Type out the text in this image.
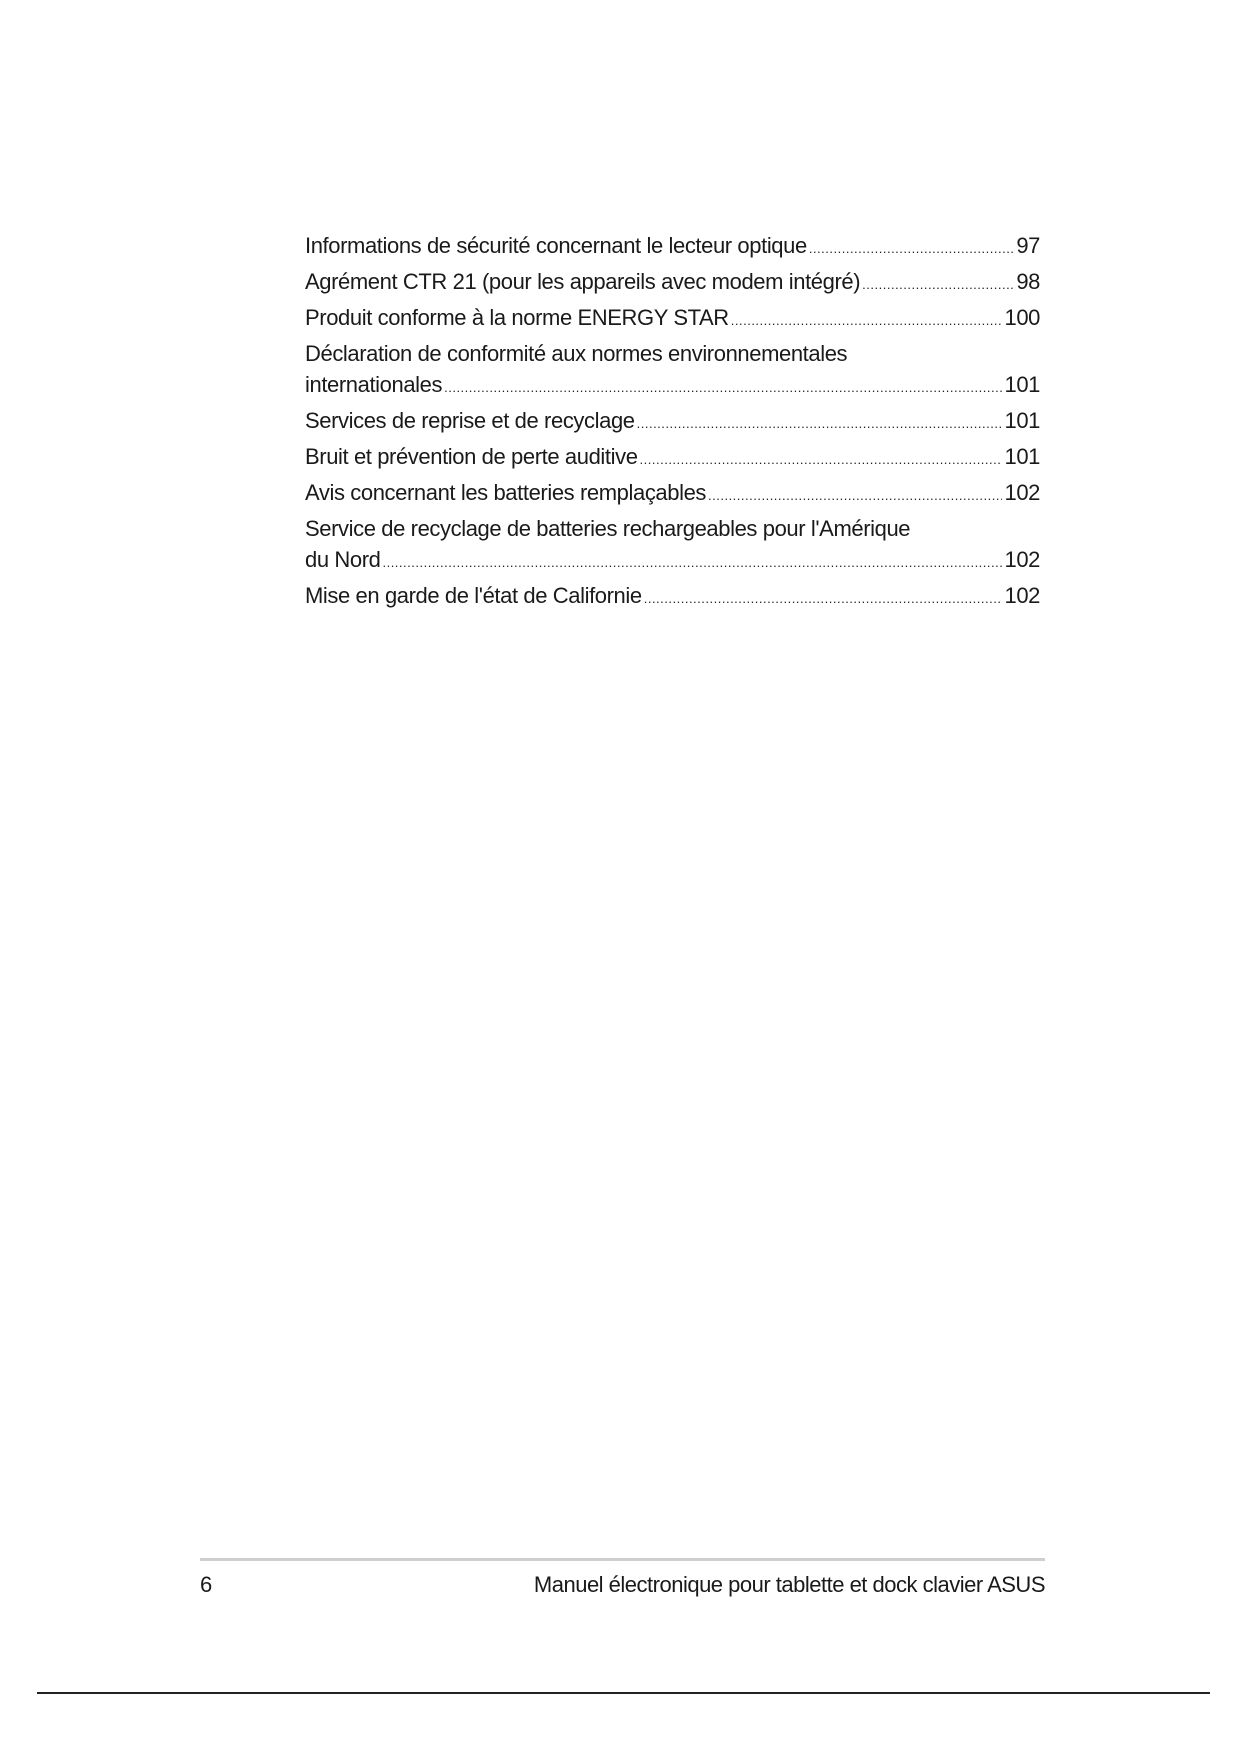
Informations de sécurité concernant le lecteur optique .....	97
Agrément CTR 21 (pour les appareils avec modem intégré) .....	98
Produit conforme à la norme ENERGY STAR .....	100
Déclaration de conformité aux normes environnementales
internationales .....	101
Services de reprise et de recyclage .....	101
Bruit et prévention de perte auditive .....	101
Avis concernant les batteries remplaçables .....	102
Service de recyclage de batteries rechargeables pour l'Amérique
du Nord .....	102
Mise en garde de l'état de Californie .....	102
6	Manuel électronique pour tablette et dock clavier ASUS
